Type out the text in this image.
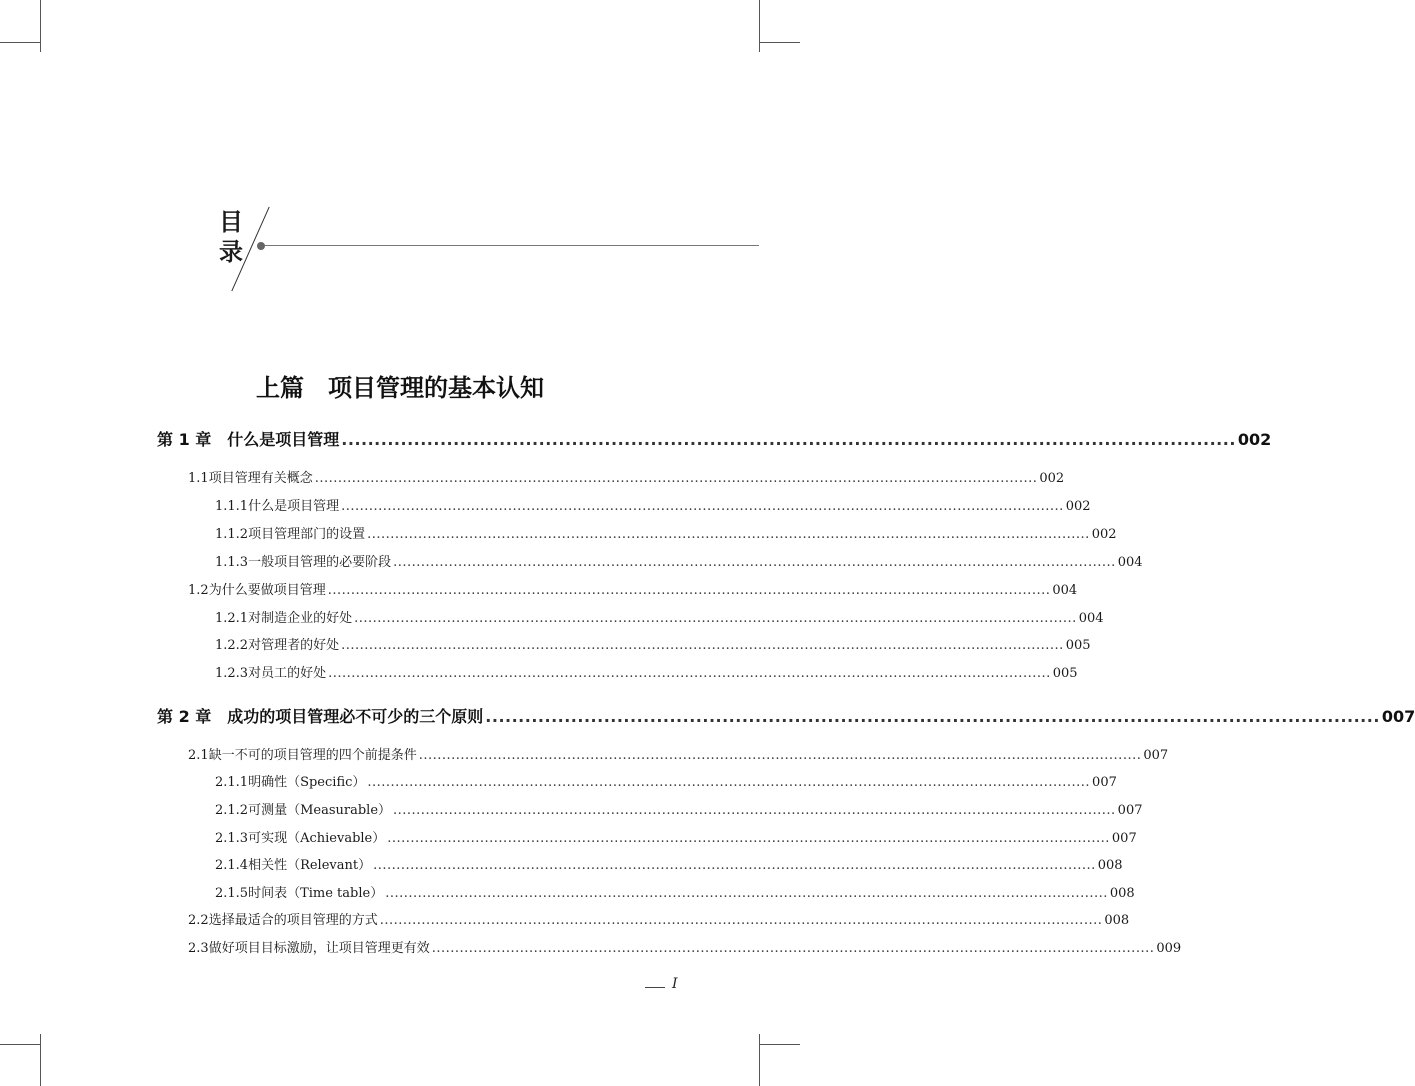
目
录
上篇　项目管理的基本认知
第 1 章　什么是项目管理 ........................................................................................................................................ 002
1.1 项目管理有关概念 ............................................................................................................................................................ 002
1.1.1 什么是项目管理 ............................................................................................................................................................ 002
1.1.2 项目管理部门的设置 ............................................................................................................................................................ 002
1.1.3 一般项目管理的必要阶段 ............................................................................................................................................................ 004
1.2 为什么要做项目管理 ............................................................................................................................................................ 004
1.2.1 对制造企业的好处 ............................................................................................................................................................ 004
1.2.2 对管理者的好处 ............................................................................................................................................................ 005
1.2.3 对员工的好处 ............................................................................................................................................................ 005
第 2 章　成功的项目管理必不可少的三个原则 ........................................................................................................................................ 007
2.1 缺一不可的项目管理的四个前提条件 ............................................................................................................................................................ 007
2.1.1 明确性（Specific） ............................................................................................................................................................ 007
2.1.2 可测量（Measurable） ............................................................................................................................................................ 007
2.1.3 可实现（Achievable） ............................................................................................................................................................ 007
2.1.4 相关性（Relevant） ............................................................................................................................................................ 008
2.1.5 时间表（Time table） ............................................................................................................................................................ 008
2.2 选择最适合的项目管理的方式 ............................................................................................................................................................ 008
2.3 做好项目目标激励，让项目管理更有效 ............................................................................................................................................................ 009
I
